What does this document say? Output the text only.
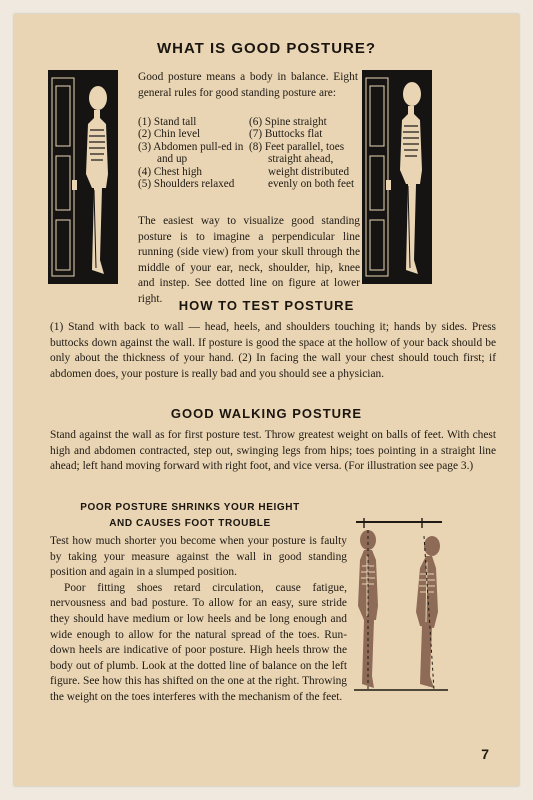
WHAT IS GOOD POSTURE?

Good posture means a body in balance. Eight general rules for good standing posture are:

(1) Stand tall
(2) Chin level
(3) Abdomen pull-ed in and up
(4) Chest high
(5) Shoulders relaxed
(6) Spine straight
(7) Buttocks flat
(8) Feet parallel, toes straight ahead, weight distributed evenly on both feet

The easiest way to visualize good standing posture is to imagine a perpendicular line running (side view) from your skull through the middle of your ear, neck, shoulder, hip, knee and instep. See dotted line on figure at lower right.	HOW TO TEST POSTURE

(1) Stand with back to wall — head, heels, and shoulders touching it; hands by sides. Press buttocks down against the wall. If posture is good the space at the hollow of your back should be only about the thickness of your hand. (2) In facing the wall your chest should touch first; if abdomen does, your posture is really bad and you should see a physician.

GOOD WALKING POSTURE

Stand against the wall as for first posture test. Throw greatest weight on balls of feet. With chest high and abdomen contracted, step out, swinging legs from hips; toes pointing in a straight line ahead; left hand moving forward with right foot, and vice versa. (For illustration see page 3.)

POOR POSTURE SHRINKS YOUR HEIGHT
AND CAUSES FOOT TROUBLE
Test how much shorter you become when your posture is faulty by taking your measure against the wall in good standing position and again in a slumped position.
Poor fitting shoes retard circulation, cause fatigue, nervousness and bad posture. To allow for an easy, sure stride they should have medium or low heels and be long enough and wide enough to allow for the natural spread of the toes. Run-down heels are indicative of poor posture. High heels throw the body out of plumb. Look at the dotted line of balance on the left figure. See how this has shifted on the one at the right. Throwing the weight on the toes interferes with the mechanism of the feet.
7
